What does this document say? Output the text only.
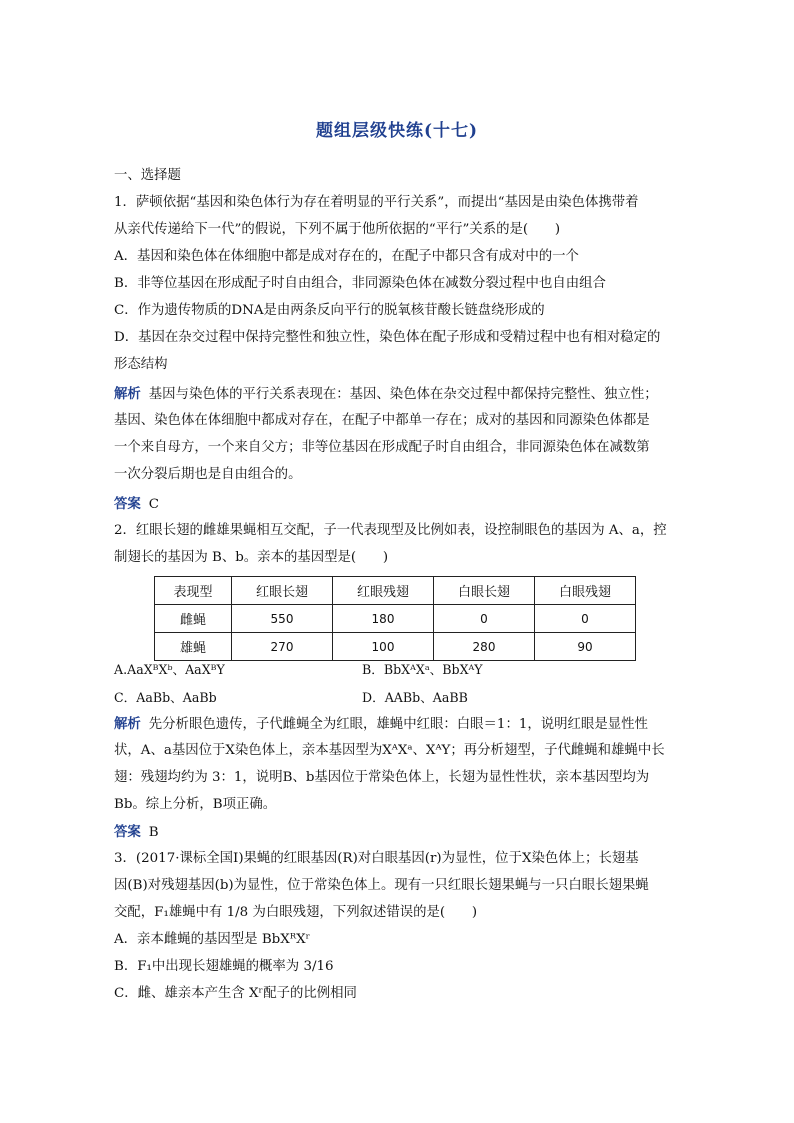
题组层级快练(十七)
一、选择题
1．萨顿依据“基因和染色体行为存在着明显的平行关系”，而提出“基因是由染色体携带着
从亲代传递给下一代”的假说，下列不属于他所依据的“平行”关系的是(　　)
A．基因和染色体在体细胞中都是成对存在的，在配子中都只含有成对中的一个
B．非等位基因在形成配子时自由组合，非同源染色体在减数分裂过程中也自由组合
C．作为遗传物质的DNA是由两条反向平行的脱氧核苷酸长链盘绕形成的
D．基因在杂交过程中保持完整性和独立性，染色体在配子形成和受精过程中也有相对稳定的
形态结构
解析 基因与染色体的平行关系表现在：基因、染色体在杂交过程中都保持完整性、独立性；
基因、染色体在体细胞中都成对存在，在配子中都单一存在；成对的基因和同源染色体都是
一个来自母方，一个来自父方；非等位基因在形成配子时自由组合，非同源染色体在减数第
一次分裂后期也是自由组合的。
答案 C
2．红眼长翅的雌雄果蝇相互交配，子一代表现型及比例如表，设控制眼色的基因为 A、a，控
制翅长的基因为 B、b。亲本的基因型是(　　)
表现型	红眼长翅	红眼残翅	白眼长翅	白眼残翅
雌蝇	550	180	0	0
雄蝇	270	100	280	90
A.AaXᴮXᵇ、AaXᴮY	B．BbXᴬXᵃ、BbXᴬY
C．AaBb、AaBb	D．AABb、AaBB
解析 先分析眼色遗传，子代雌蝇全为红眼，雄蝇中红眼：白眼＝1：1，说明红眼是显性性
状，A、a基因位于X染色体上，亲本基因型为XᴬXᵃ、XᴬY；再分析翅型，子代雌蝇和雄蝇中长
翅：残翅均约为 3：1，说明B、b基因位于常染色体上，长翅为显性性状，亲本基因型均为
Bb。综上分析，B项正确。
答案 B
3．(2017·课标全国Ⅰ)果蝇的红眼基因(R)对白眼基因(r)为显性，位于X染色体上；长翅基
因(B)对残翅基因(b)为显性，位于常染色体上。现有一只红眼长翅果蝇与一只白眼长翅果蝇
交配，F₁雄蝇中有 1/8 为白眼残翅，下列叙述错误的是(　　)
A．亲本雌蝇的基因型是 BbXᴿXʳ
B．F₁中出现长翅雄蝇的概率为 3/16
C．雌、雄亲本产生含 Xʳ配子的比例相同
